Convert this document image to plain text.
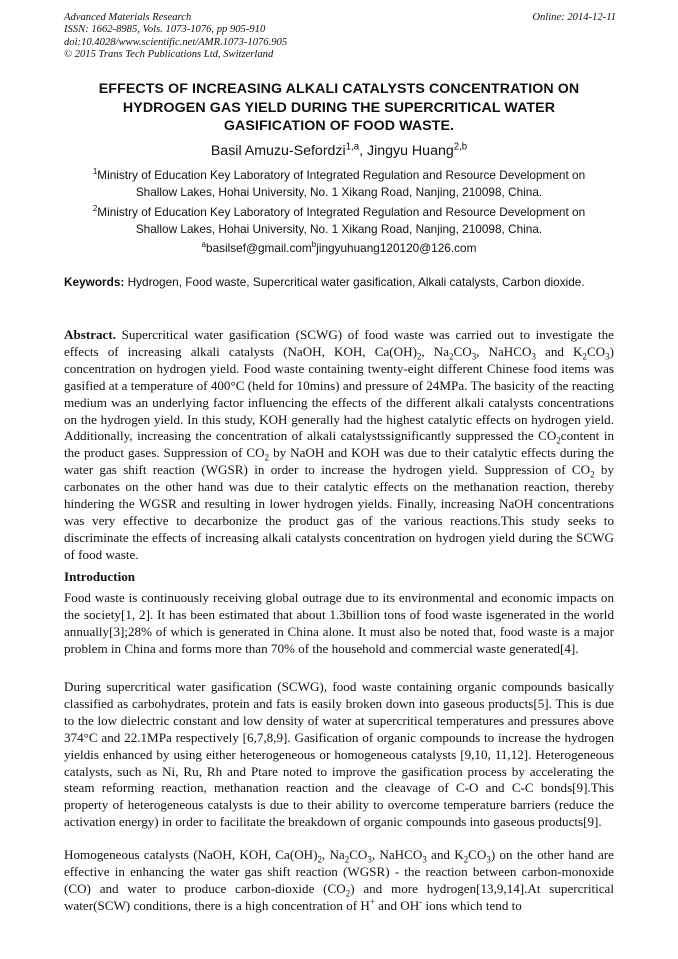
Advanced Materials Research
ISSN: 1662-8985, Vols. 1073-1076, pp 905-910
doi:10.4028/www.scientific.net/AMR.1073-1076.905
© 2015 Trans Tech Publications Ltd, Switzerland
Online: 2014-12-11
EFFECTS OF INCREASING ALKALI CATALYSTS CONCENTRATION ON
HYDROGEN GAS YIELD DURING THE SUPERCRITICAL WATER
GASIFICATION OF FOOD WASTE.
Basil Amuzu-Sefordzi$^{1,a}$, Jingyu Huang$^{2,b}$
$^1$Ministry of Education Key Laboratory of Integrated Regulation and Resource Development on
Shallow Lakes, Hohai University, No. 1 Xikang Road, Nanjing, 210098, China.
$^2$Ministry of Education Key Laboratory of Integrated Regulation and Resource Development on
Shallow Lakes, Hohai University, No. 1 Xikang Road, Nanjing, 210098, China.
$^a$basilsef@gmail.com$^b$jingyuhuang120120@126.com
Keywords: Hydrogen, Food waste, Supercritical water gasification, Alkali catalysts, Carbon dioxide.
Abstract. Supercritical water gasification (SCWG) of food waste was carried out to investigate the effects of increasing alkali catalysts (NaOH, KOH, $Ca(OH)_2$, $Na_2CO_3$, NaHCO$_3$ and $K_2CO_3$) concentration on hydrogen yield. Food waste containing twenty-eight different Chinese food items was gasified at a temperature of 400°C (held for 10mins) and pressure of 24MPa. The basicity of the reacting medium was an underlying factor influencing the effects of the different alkali catalysts concentrations on the hydrogen yield. In this study, KOH generally had the highest catalytic effects on hydrogen yield. Additionally, increasing the concentration of alkali catalystssignificantly suppressed the $CO_2content$ in the product gases. Suppression of $CO_2$ by NaOH and KOH was due to their catalytic effects during the water gas shift reaction (WGSR) in order to increase the hydrogen yield. Suppression of $CO_2$ by carbonates on the other hand was due to their catalytic effects on the methanation reaction, thereby hindering the WGSR and resulting in lower hydrogen yields. Finally, increasing NaOH concentrations was very effective to decarbonize the product gas of the various reactions.This study seeks to discriminate the effects of increasing alkali catalysts concentration on hydrogen yield during the SCWG of food waste.
Introduction
Food waste is continuously receiving global outrage due to its environmental and economic impacts on the society[1, 2]. It has been estimated that about 1.3billion tons of food waste isgenerated in the world annually[3];28% of which is generated in China alone. It must also be noted that, food waste is a major problem in China and forms more than 70% of the household and commercial waste generated[4].
During supercritical water gasification (SCWG), food waste containing organic compounds basically classified as carbohydrates, protein and fats is easily broken down into gaseous products[5]. This is due to the low dielectric constant and low density of water at supercritical temperatures and pressures above 374°C and 22.1MPa respectively [6,7,8,9]. Gasification of organic compounds to increase the hydrogen yieldis enhanced by using either heterogeneous or homogeneous catalysts [9,10, 11,12]. Heterogeneous catalysts, such as Ni, Ru, Rh and Ptare noted to improve the gasification process by accelerating the steam reforming reaction, methanation reaction and the cleavage of C-O and C-C bonds[9].This property of heterogeneous catalysts is due to their ability to overcome temperature barriers (reduce the activation energy) in order to facilitate the breakdown of organic compounds into gaseous products[9].
Homogeneous catalysts (NaOH, KOH, $Ca(OH)_2$, $Na_2CO_3$, NaHCO$_3$ and $K_2CO_3$) on the other hand are effective in enhancing the water gas shift reaction (WGSR) - the reaction between carbon-monoxide (CO) and water to produce carbon-dioxide $(CO_2)$ and more hydrogen[13,9,14].At supercritical water(SCW) conditions, there is a high concentration of H+ and OH- ions which tend to
